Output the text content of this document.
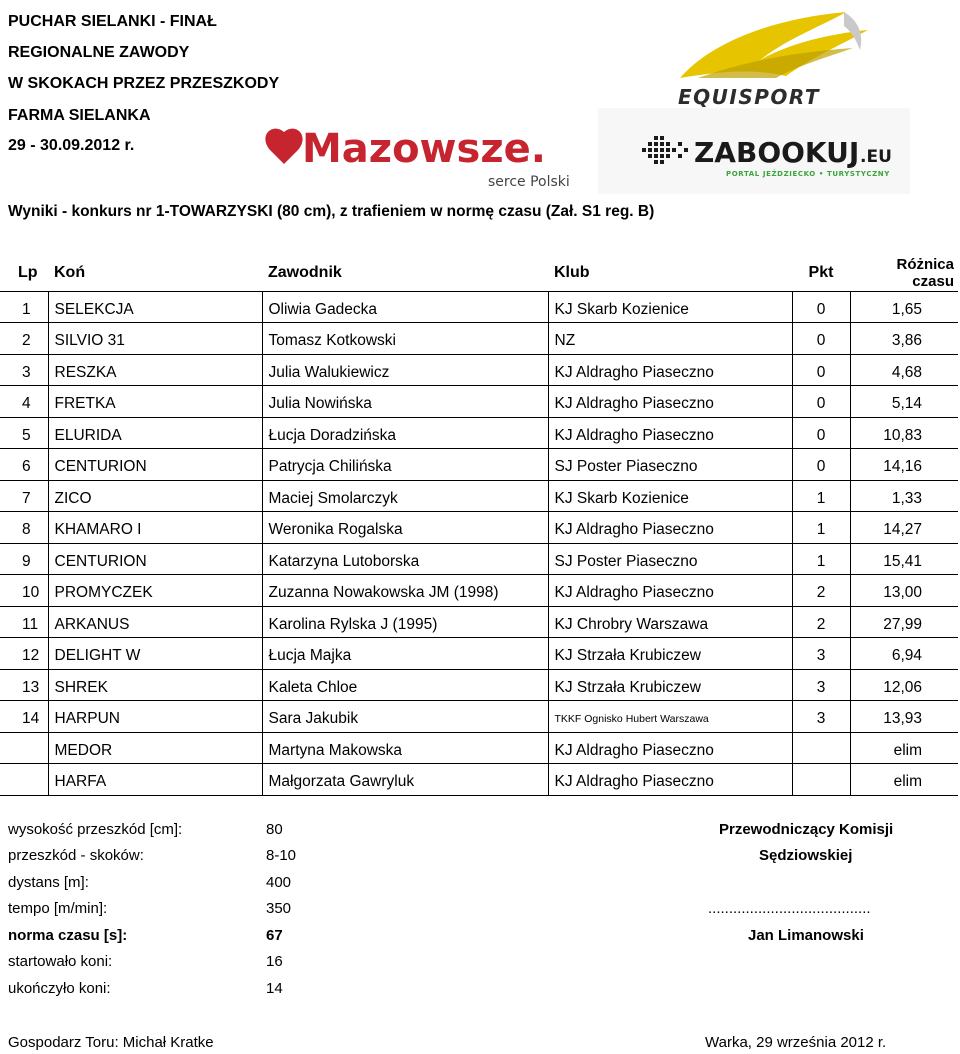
PUCHAR SIELANKI - FINAŁ
REGIONALNE ZAWODY
W SKOKACH PRZEZ PRZESZKODY
FARMA SIELANKA
29 - 30.09.2012 r.
EQUISPORT
Mazowsze.
serce Polski
ZABOOKUJ .EU
PORTAL JEŹDZIECKO • TURYSTYCZNY
Wyniki - konkurs nr 1-TOWARZYSKI (80 cm), z trafieniem w normę czasu (Zał. S1 reg. B)
Lp	Koń	Zawodnik	Klub	Pkt	Różnica czasu
1	SELEKCJA	Oliwia Gadecka	KJ Skarb Kozienice	0	1,65
2	SILVIO 31	Tomasz Kotkowski	NZ	0	3,86
3	RESZKA	Julia Walukiewicz	KJ Aldragho Piaseczno	0	4,68
4	FRETKA	Julia Nowińska	KJ Aldragho Piaseczno	0	5,14
5	ELURIDA	Łucja Doradzińska	KJ Aldragho Piaseczno	0	10,83
6	CENTURION	Patrycja Chilińska	SJ Poster Piaseczno	0	14,16
7	ZICO	Maciej Smolarczyk	KJ Skarb Kozienice	1	1,33
8	KHAMARO I	Weronika Rogalska	KJ Aldragho Piaseczno	1	14,27
9	CENTURION	Katarzyna Lutoborska	SJ Poster Piaseczno	1	15,41
10	PROMYCZEK	Zuzanna Nowakowska JM (1998)	KJ Aldragho Piaseczno	2	13,00
11	ARKANUS	Karolina Rylska J (1995)	KJ Chrobry Warszawa	2	27,99
12	DELIGHT W	Łucja Majka	KJ Strzała Krubiczew	3	6,94
13	SHREK	Kaleta Chloe	KJ Strzała Krubiczew	3	12,06
14	HARPUN	Sara Jakubik	TKKF Ognisko Hubert Warszawa	3	13,93
	MEDOR	Martyna Makowska	KJ Aldragho Piaseczno		elim
	HARFA	Małgorzata Gawryluk	KJ Aldragho Piaseczno		elim
wysokość przeszkód [cm]:	80
przeszkód - skoków:	8-10
dystans [m]:	400
tempo [m/min]:	350
norma czasu [s]:	67
startowało koni:	16
ukończyło koni:	14
Przewodniczący Komisji
Sędziowskiej
.......................................
Jan Limanowski
Gospodarz Toru: Michał Kratke	Warka, 29 września 2012 r.
